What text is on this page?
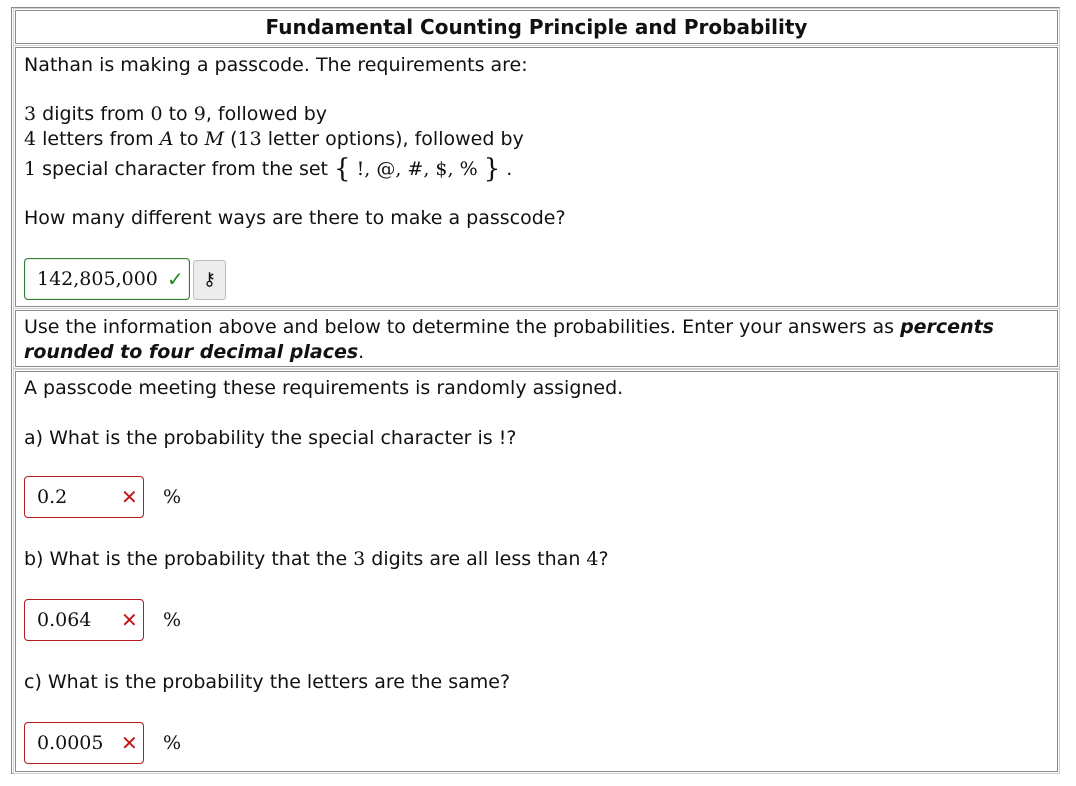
Fundamental Counting Principle and Probability
Nathan is making a passcode. The requirements are:
3 digits from 0 to 9, followed by
4 letters from A to M (13 letter options), followed by
1 special character from the set { !, @, #, $, % } .
How many different ways are there to make a passcode?
142,805,000 ✓	⚷
Use the information above and below to determine the probabilities. Enter your answers as percents rounded to four decimal places.
A passcode meeting these requirements is randomly assigned.
a) What is the probability the special character is !?
0.2	✕ %
b) What is the probability that the 3 digits are all less than 4?
0.064 ✕ %
c) What is the probability the letters are the same?
0.0005 ✕ %
